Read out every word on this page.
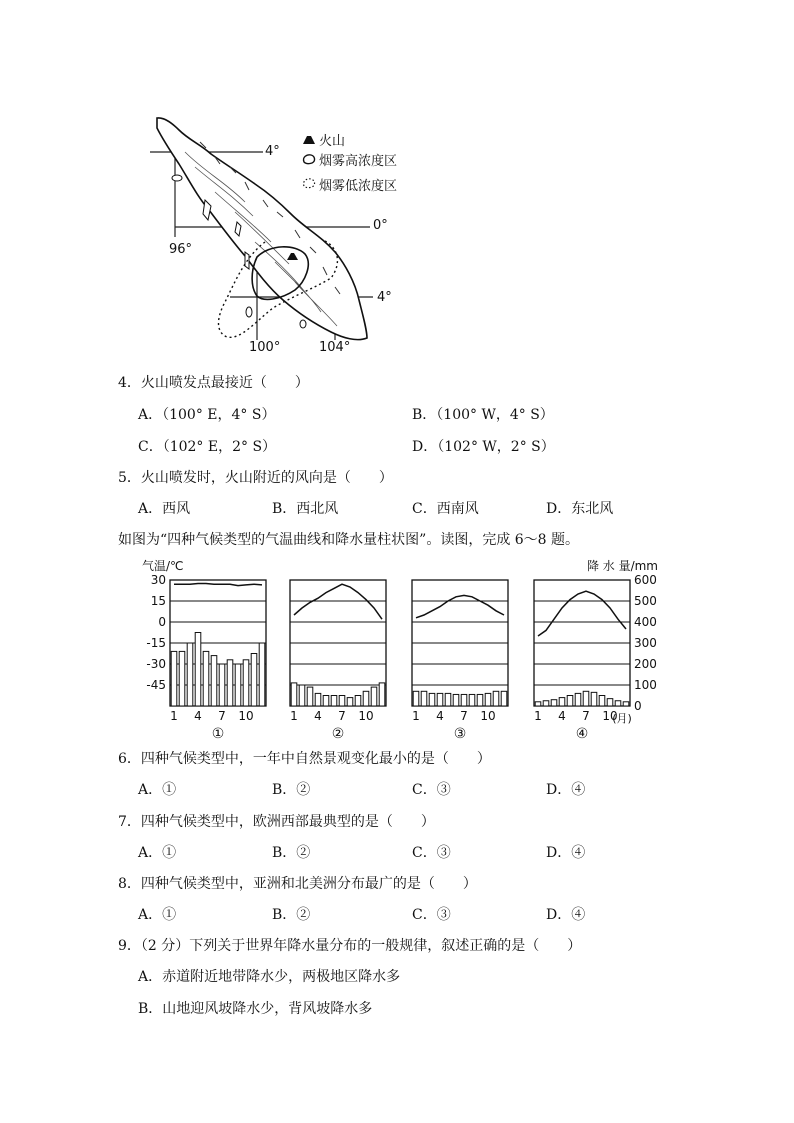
火山
烟雾高浓度区
烟雾低浓度区
4°
0°
96°
4°
100°	104°
4．火山喷发点最接近（　　）
A．（100° E，4° S）	B．（100° W，4° S）
C．（102° E，2° S）	D．（102° W，2° S）
5．火山喷发时，火山附近的风向是（　　）
A．西风	B．西北风	C．西南风	D．东北风
如图为“四种气候类型的气温曲线和降水量柱状图”。读图，完成 6～8 题。
气温/℃	降 水 量/mm
30
15
0
-15
-30
-45
600
500
400
300
200
100
0
1 4 7 10
①
1 4 7 10
②
1 4 7 10
③
1 4 7 10
④
(月)
6．四种气候类型中，一年中自然景观变化最小的是（　　）
A．①	B．②	C．③	D．④
7．四种气候类型中，欧洲西部最典型的是（　　）
A．①	B．②	C．③	D．④
8．四种气候类型中，亚洲和北美洲分布最广的是（　　）
A．①	B．②	C．③	D．④
9．（2 分）下列关于世界年降水量分布的一般规律，叙述正确的是（　　）
A．赤道附近地带降水少，两极地区降水多
B．山地迎风坡降水少，背风坡降水多
